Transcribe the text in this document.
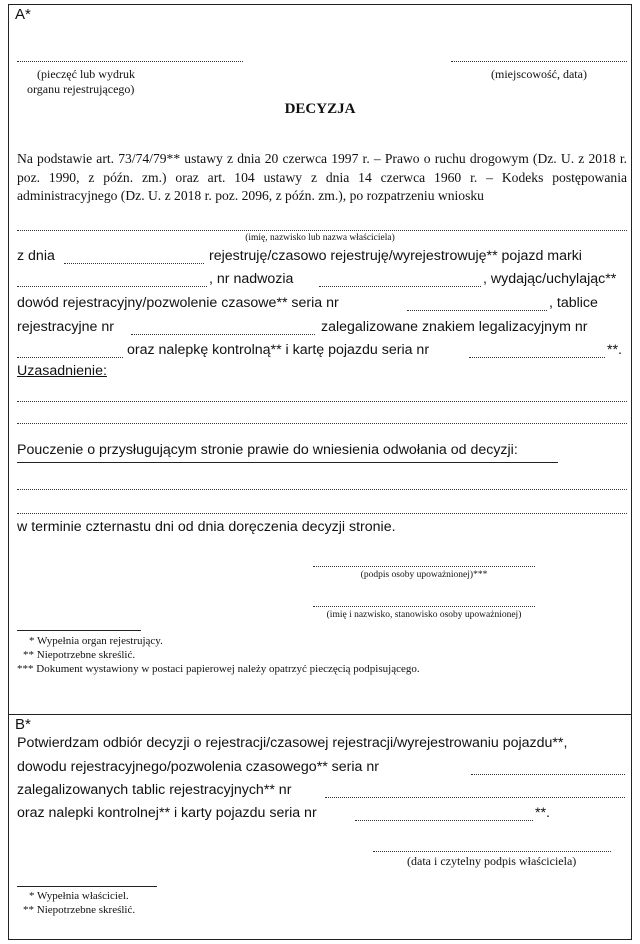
A*
(pieczęć lub wydruk
organu rejestrującego)
(miejscowość, data)
DECYZJA
Na podstawie art. 73/74/79** ustawy z dnia 20 czerwca 1997 r. – Prawo o ruchu drogowym (Dz. U. z 2018 r. poz. 1990, z późn. zm.) oraz art. 104 ustawy z dnia 14 czerwca 1960 r. – Kodeks postępowania administracyjnego (Dz. U. z 2018 r. poz. 2096, z późn. zm.), po rozpatrzeniu wniosku
(imię, nazwisko lub nazwa właściciela)
z dnia	rejestruję/czasowo rejestruję/wyrejestrowuję** pojazd marki
, nr nadwozia	, wydając/uchylając**
dowód rejestracyjny/pozwolenie czasowe** seria nr	, tablice
rejestracyjne nr	zalegalizowane znakiem legalizacyjnym nr
oraz nalepkę kontrolną** i kartę pojazdu seria nr	**.
Uzasadnienie:
Pouczenie o przysługującym stronie prawie do wniesienia odwołania od decyzji:
w terminie czternastu dni od dnia doręczenia decyzji stronie.
(podpis osoby upoważnionej)***
(imię i nazwisko, stanowisko osoby upoważnionej)
* Wypełnia organ rejestrujący.
** Niepotrzebne skreślić.
*** Dokument wystawiony w postaci papierowej należy opatrzyć pieczęcią podpisującego.
B*
Potwierdzam odbiór decyzji o rejestracji/czasowej rejestracji/wyrejestrowaniu pojazdu**,
dowodu rejestracyjnego/pozwolenia czasowego** seria nr
zalegalizowanych tablic rejestracyjnych** nr
oraz nalepki kontrolnej** i karty pojazdu seria nr	**.
(data i czytelny podpis właściciela)
* Wypełnia właściciel.
** Niepotrzebne skreślić.
